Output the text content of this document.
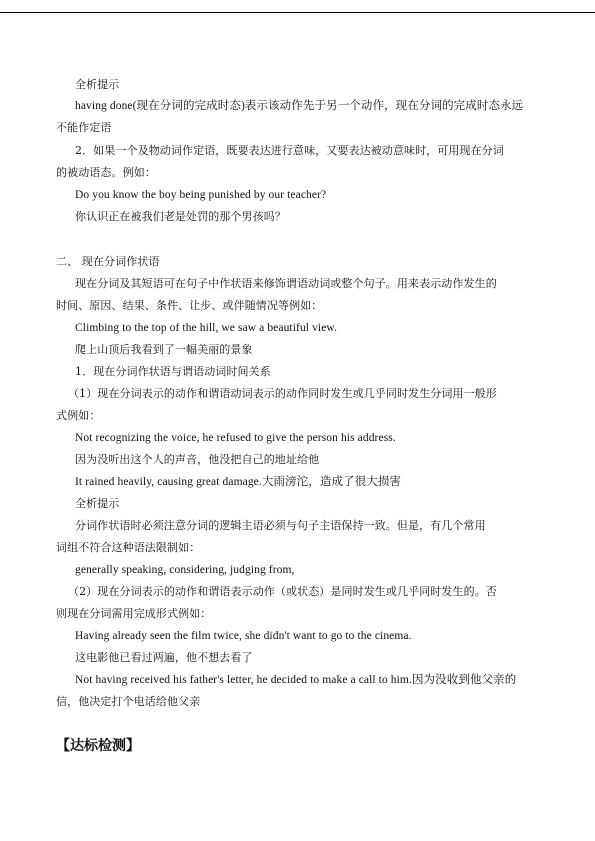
全析提示
having done(现在分词的完成时态)表示该动作先于另一个动作，现在分词的完成时态永远
不能作定语
2．如果一个及物动词作定语，既要表达进行意味，又要表达被动意味时，可用现在分词
的被动语态。例如：
Do you know the boy being punished by our teacher?
你认识正在被我们老是处罚的那个男孩吗？
二、 现在分词作状语
现在分词及其短语可在句子中作状语来修饰谓语动词或整个句子。用来表示动作发生的
时间、原因、结果、条件、让步、或伴随情况等例如：
Climbing to the top of the hill, we saw a beautiful view.
爬上山顶后我看到了一幅美丽的景象
1．现在分词作状语与谓语动词时间关系
（1）现在分词表示的动作和谓语动词表示的动作同时发生或几乎同时发生分词用一般形
式例如：
Not recognizing the voice, he refused to give the person his address.
因为没听出这个人的声音，他没把自己的地址给他
It rained heavily, causing great damage.大雨滂沱，造成了很大损害
全析提示
分词作状语时必须注意分词的逻辑主语必须与句子主语保持一致。但是，有几个常用
词组不符合这种语法限制如：
generally speaking, considering, judging from,
（2）现在分词表示的动作和谓语表示动作（或状态）是同时发生或几乎同时发生的。否
则现在分词需用完成形式例如：
Having already seen the film twice, she didn't want to go to the cinema.
这电影他已看过两遍，他不想去看了
Not having received his father's letter, he decided to make a call to him.因为没收到他父亲的
信，他决定打个电话给他父亲
【达标检测】
